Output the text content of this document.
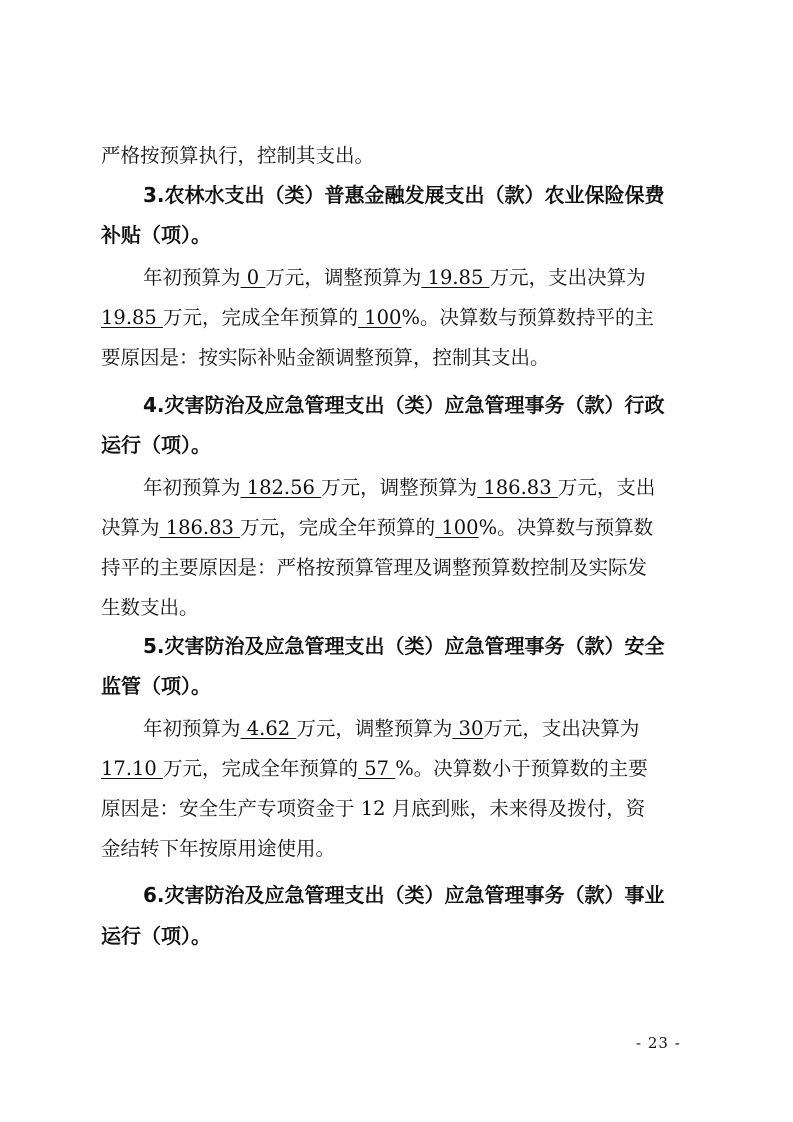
严格按预算执行，控制其支出。
3.农林水支出（类）普惠金融发展支出（款）农业保险保费
补贴（项）。
年初预算为 0 万元，调整预算为 19.85 万元，支出决算为
19.85 万元，完成全年预算的 100%。决算数与预算数持平的主
要原因是：按实际补贴金额调整预算，控制其支出。
4.灾害防治及应急管理支出（类）应急管理事务（款）行政
运行（项）。
年初预算为 182.56 万元，调整预算为 186.83 万元，支出
决算为 186.83 万元，完成全年预算的 100%。决算数与预算数
持平的主要原因是：严格按预算管理及调整预算数控制及实际发
生数支出。
5.灾害防治及应急管理支出（类）应急管理事务（款）安全
监管（项）。
年初预算为 4.62 万元，调整预算为 30万元，支出决算为
17.10 万元，完成全年预算的 57 %。决算数小于预算数的主要
原因是：安全生产专项资金于 12 月底到账，未来得及拨付，资
金结转下年按原用途使用。
6.灾害防治及应急管理支出（类）应急管理事务（款）事业
运行（项）。
- 23 -
